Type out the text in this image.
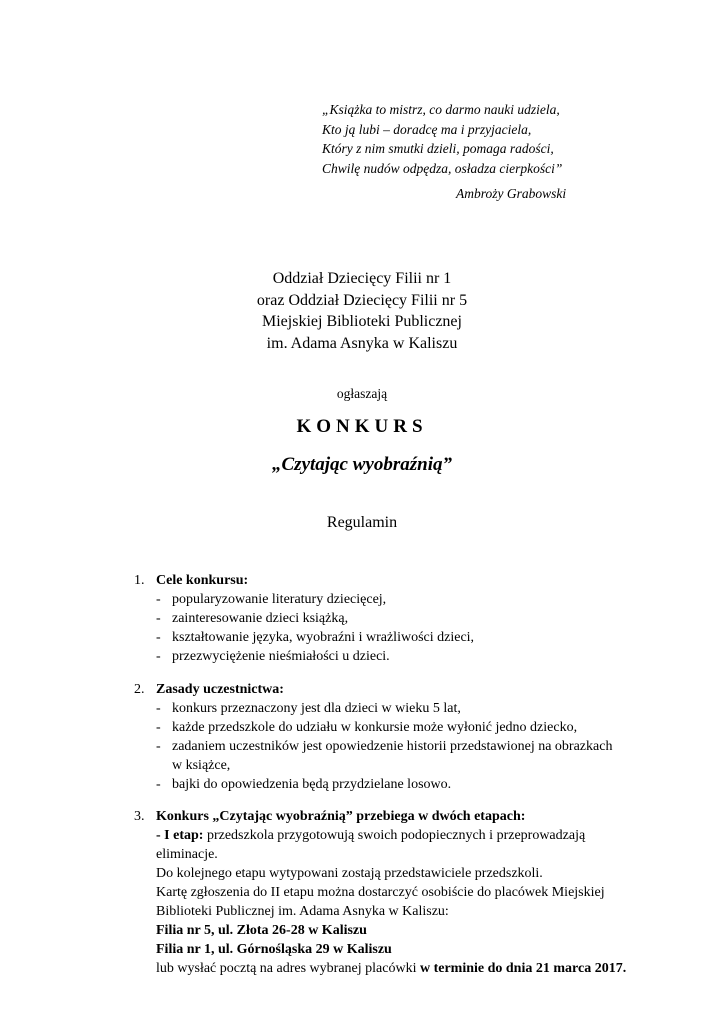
„Książka to mistrz, co darmo nauki udziela,
Kto ją lubi – doradcę ma i przyjaciela,
Który z nim smutki dzieli, pomaga radości,
Chwilę nudów odpędza, osładza cierpkości”
Ambroży Grabowski
Oddział Dziecięcy Filii nr 1
oraz Oddział Dziecięcy Filii nr 5
Miejskiej Biblioteki Publicznej
im. Adama Asnyka w Kaliszu
ogłaszają
KONKURS
„Czytając wyobraźnią”
Regulamin
1. Cele konkursu:
- popularyzowanie literatury dziecięcej,
- zainteresowanie dzieci książką,
- kształtowanie języka, wyobraźni i wrażliwości dzieci,
- przezwyciężenie nieśmiałości u dzieci.
2. Zasady uczestnictwa:
- konkurs przeznaczony jest dla dzieci w wieku 5 lat,
- każde przedszkole do udziału w konkursie może wyłonić jedno dziecko,
- zadaniem uczestników jest opowiedzenie historii przedstawionej na obrazkach
w książce,
- bajki do opowiedzenia będą przydzielane losowo.
3. Konkurs „Czytając wyobraźnią” przebiega w dwóch etapach:
- I etap: przedszkola przygotowują swoich podopiecznych i przeprowadzają
eliminacje.
Do kolejnego etapu wytypowani zostają przedstawiciele przedszkoli.
Kartę zgłoszenia do II etapu można dostarczyć osobiście do placówek Miejskiej
Biblioteki Publicznej im. Adama Asnyka w Kaliszu:
Filia nr 5, ul. Złota 26-28 w Kaliszu
Filia nr 1, ul. Górnośląska 29 w Kaliszu
lub wysłać pocztą na adres wybranej placówki w terminie do dnia 21 marca 2017.
